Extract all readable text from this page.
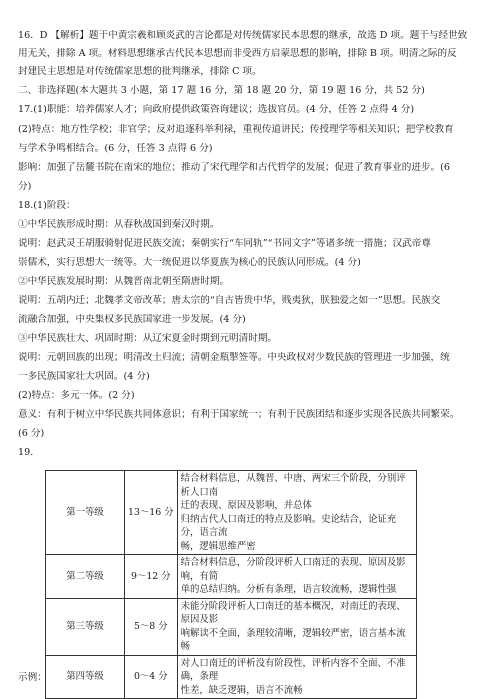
16．D 【解析】题干中黄宗羲和顾炎武的言论都是对传统儒家民本思想的继承，故选 D 项。题干与经世致
用无关，排除 A 项。材料思想继承古代民本思想而非受西方启蒙思想的影响，排除 B 项。明清之际的反
封建民主思想是对传统儒家思想的批判继承，排除 C 项。
二、非选择题(本大题共 3 小题，第 17 题 16 分，第 18 题 20 分，第 19 题 16 分，共 52 分)
17.(1)职能：培养儒家人才；向政府提供政策咨询建议；选拔官员。(4 分，任答 2 点得 4 分)
(2)特点：地方性学校；非官学；反对追逐科举利禄，重视传道讲民；传授理学等相关知识；把学校教育
与学术争鸣相结合。(6 分，任答 3 点得 6 分)
影响：加强了岳麓书院在南宋的地位；推动了宋代理学和古代哲学的发展；促进了教育事业的进步。(6
分)
18.(1)阶段：
①中华民族形成时期：从春秋战国到秦汉时期。
说明：赵武灵王胡服骑射促进民族交流；秦朝实行“车同轨”“书同文字”等诸多统一措施；汉武帝尊
崇儒术，实行思想大一统等。大一统促进以华夏族为核心的民族认同形成。(4 分)
②中华民族发展时期：从魏晋南北朝至隋唐时期。
说明：五胡内迁；北魏孝文帝改革；唐太宗的“自古皆贵中华，贱夷狄，朕独爱之如一”思想。民族交
流融合加强，中央集权多民族国家进一步发展。(4 分)
③中华民族壮大、巩固时期：从辽宋夏金时期到元明清时期。
说明：元朝回族的出现；明清改土归流；清朝金瓶掣签等。中央政权对少数民族的管理进一步加强，统
一多民族国家壮大巩固。(4 分)
(2)特点：多元一体。(2 分)
意义：有利于树立中华民族共同体意识；有利于国家统一；有利于民族团结和逐步实现各民族共同繁荣。
(6 分)
19.
示例：
第一等级	13～16 分	结合材料信息，从魏晋、中唐、两宋三个阶段，分别评析人口南
迁的表现、原因及影响，并总体
归纳古代人口南迁的特点及影响。史论结合，论证充分，语言流
畅，逻辑思维严密

第二等级	9～12 分	结合材料信息，分阶段评析人口南迁的表现、原因及影响，有简
单的总结归纳。分析有条理，语言较流畅，逻辑性强

第三等级	5～8 分	未能分阶段评析人口南迁的基本概况，对南迁的表现、原因及影
响解读不全面，条理较清晰，逻辑较严密，语言基本流畅

第四等级	0～4 分	对人口南迁的评析没有阶段性，评析内容不全面、不准确，条理
性差，缺乏逻辑，语言不流畅
